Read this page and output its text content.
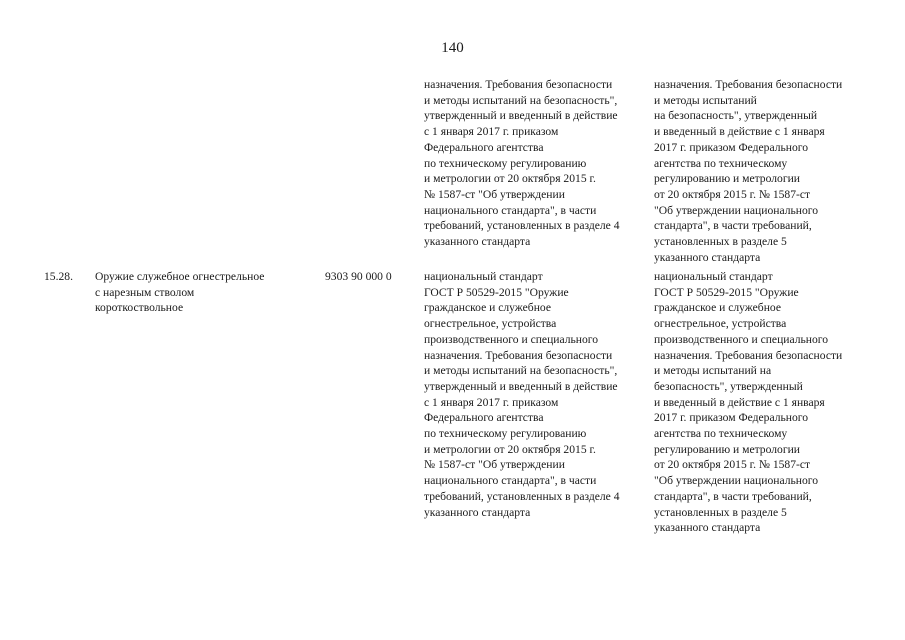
140
назначения. Требования безопасности
и методы испытаний на безопасность",
утвержденный и введенный в действие
с 1 января 2017 г. приказом
Федерального агентства
по техническому регулированию
и метрологии от 20 октября 2015 г.
№ 1587-ст "Об утверждении
национального стандарта", в части
требований, установленных в разделе 4
указанного стандарта
назначения. Требования безопасности
и методы испытаний
на безопасность", утвержденный
и введенный в действие с 1 января
2017 г. приказом Федерального
агентства по техническому
регулированию и метрологии
от 20 октября 2015 г. № 1587-ст
"Об утверждении национального
стандарта", в части требований,
установленных в разделе 5
указанного стандарта
15.28. Оружие служебное огнестрельное
с нарезным стволом
короткоствольное
9303 90 000 0	национальный стандарт
ГОСТ Р 50529-2015 "Оружие
гражданское и служебное
огнестрельное, устройства
производственного и специального
назначения. Требования безопасности
и методы испытаний на безопасность",
утвержденный и введенный в действие
с 1 января 2017 г. приказом
Федерального агентства
по техническому регулированию
и метрологии от 20 октября 2015 г.
№ 1587-ст "Об утверждении
национального стандарта", в части
требований, установленных в разделе 4
указанного стандарта
национальный стандарт
ГОСТ Р 50529-2015 "Оружие
гражданское и служебное
огнестрельное, устройства
производственного и специального
назначения. Требования безопасности
и методы испытаний на
безопасность", утвержденный
и введенный в действие с 1 января
2017 г. приказом Федерального
агентства по техническому
регулированию и метрологии
от 20 октября 2015 г. № 1587-ст
"Об утверждении национального
стандарта", в части требований,
установленных в разделе 5
указанного стандарта
